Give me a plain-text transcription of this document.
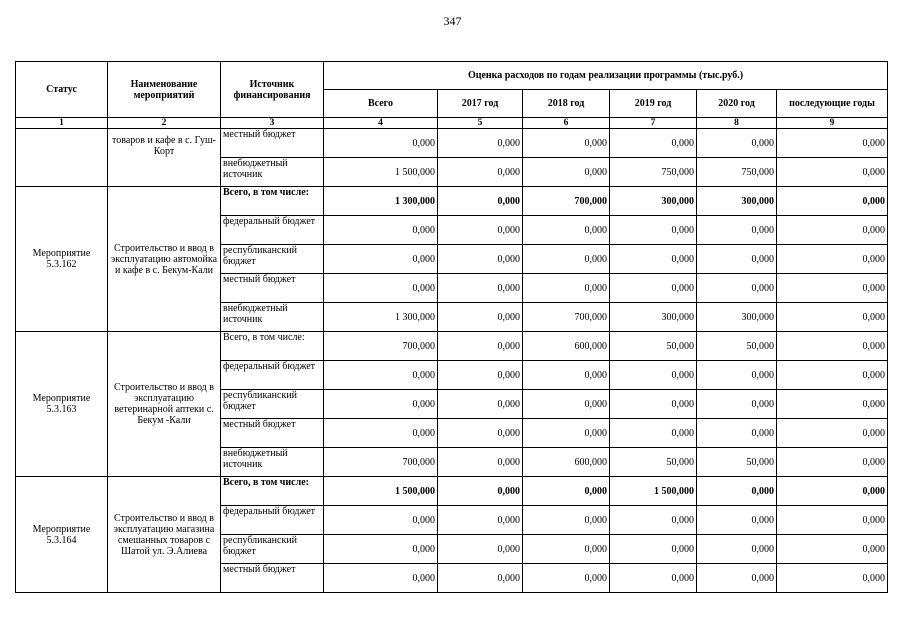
347
Статус	Наименование мероприятий	Источник финансирования	Оценка расходов по годам реализации программы (тыс.руб.)					
			Всего	2017 год	2018 год	2019 год	2020 год	последующие годы
1	2	3	4	5	6	7	8	9

	товаров и кафе в с. Гуш-Корт	местный бюджет	0,000	0,000	0,000	0,000	0,000	0,000
		внебюджетный источник	1 500,000	0,000	0,000	750,000	750,000	0,000
Мероприятие 5.3.162	Строительство и ввод в эксплуатацию автомойка и кафе в с. Бекум-Кали	Всего, в том числе:	1 300,000	0,000	700,000	300,000	300,000	0,000
		федеральный бюджет	0,000	0,000	0,000	0,000	0,000	0,000
		республиканский бюджет	0,000	0,000	0,000	0,000	0,000	0,000
		местный бюджет	0,000	0,000	0,000	0,000	0,000	0,000
		внебюджетный источник	1 300,000	0,000	700,000	300,000	300,000	0,000
Мероприятие 5.3.163	Строительство и ввод в эксплуатацию ветеринарной аптеки с. Бекум -Кали	Всего, в том числе:	700,000	0,000	600,000	50,000	50,000	0,000
		федеральный бюджет	0,000	0,000	0,000	0,000	0,000	0,000
		республиканский бюджет	0,000	0,000	0,000	0,000	0,000	0,000
		местный бюджет	0,000	0,000	0,000	0,000	0,000	0,000
		внебюджетный источник	700,000	0,000	600,000	50,000	50,000	0,000
Мероприятие 5.3.164	Строительство и ввод в эксплуатацию магазина смешанных товаров с Шатой ул. Э.Алиева	Всего, в том числе:	1 500,000	0,000	0,000	1 500,000	0,000	0,000
		федеральный бюджет	0,000	0,000	0,000	0,000	0,000	0,000
		республиканский бюджет	0,000	0,000	0,000	0,000	0,000	0,000
		местный бюджет	0,000	0,000	0,000	0,000	0,000	0,000
